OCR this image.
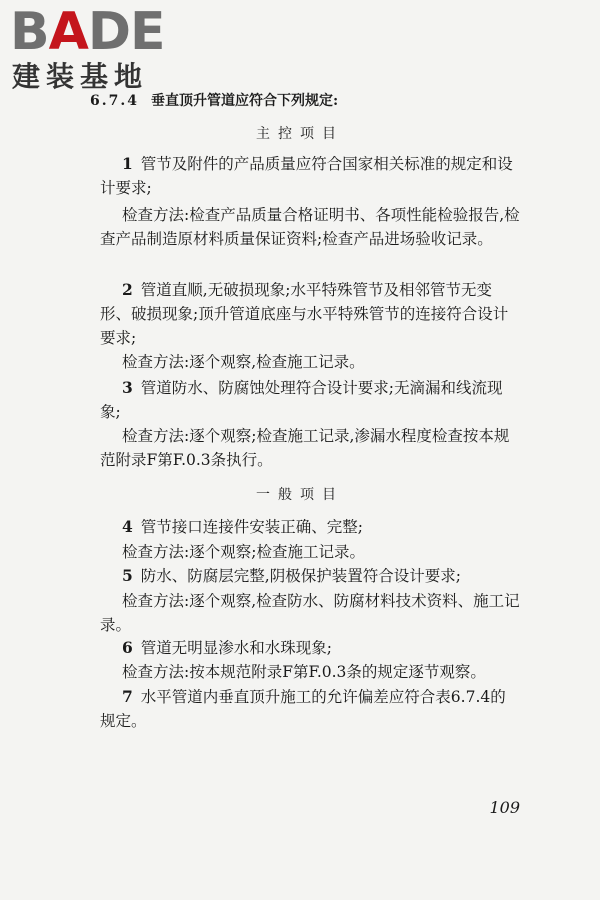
BADE
建装基地
6.7.4 垂直顶升管道应符合下列规定:
主控项目

1 管节及附件的产品质量应符合国家相关标准的规定和设计要求;

检查方法:检查产品质量合格证明书、各项性能检验报告,检查产品制造原材料质量保证资料;检查产品进场验收记录。

2 管道直顺,无破损现象;水平特殊管节及相邻管节无变形、破损现象;顶升管道底座与水平特殊管节的连接符合设计要求;

检查方法:逐个观察,检查施工记录。

3 管道防水、防腐蚀处理符合设计要求;无滴漏和线流现象;

检查方法:逐个观察;检查施工记录,渗漏水程度检查按本规范附录F第F.0.3条执行。

一般项目

4 管节接口连接件安装正确、完整;

检查方法:逐个观察;检查施工记录。

5 防水、防腐层完整,阴极保护装置符合设计要求;

检查方法:逐个观察,检查防水、防腐材料技术资料、施工记录。

6 管道无明显渗水和水珠现象;

检查方法:按本规范附录F第F.0.3条的规定逐节观察。

7 水平管道内垂直顶升施工的允许偏差应符合表6.7.4的规定。

109
